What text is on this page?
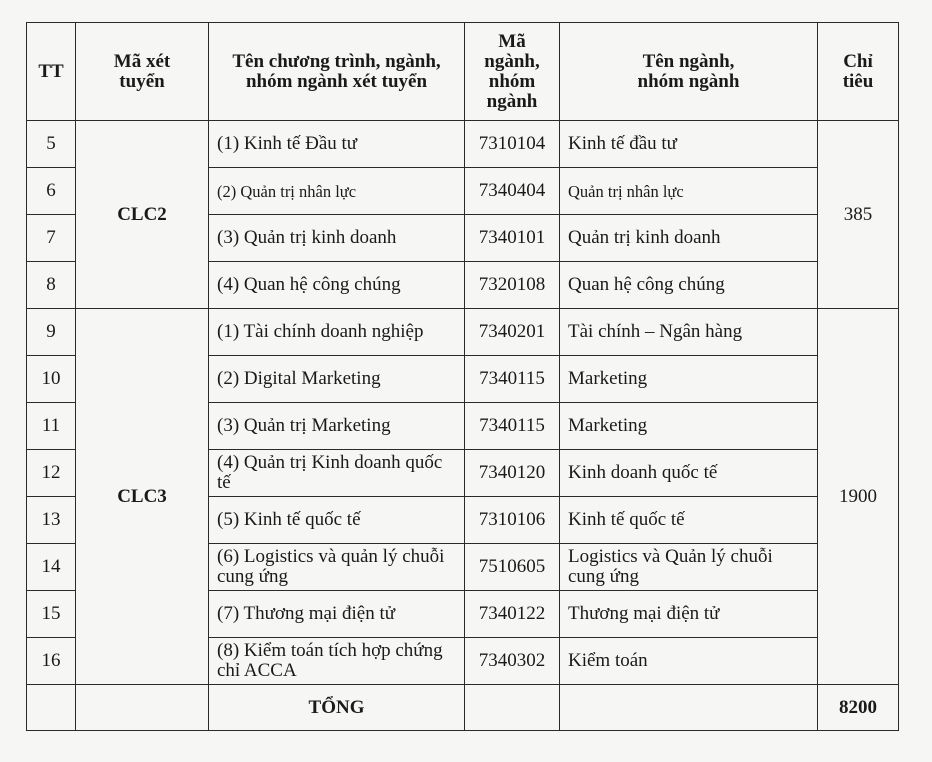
TT	Mã xét tuyển	Tên chương trình, ngành, nhóm ngành xét tuyển	Mã ngành, nhóm ngành	Tên ngành, nhóm ngành	Chỉ tiêu
5	CLC2	(1) Kinh tế Đầu tư	7310104	Kinh tế đầu tư	385
6		(2) Quản trị nhân lực	7340404	Quản trị nhân lực	
7		(3) Quản trị kinh doanh	7340101	Quản trị kinh doanh	
8		(4) Quan hệ công chúng	7320108	Quan hệ công chúng	
9	CLC3	(1) Tài chính doanh nghiệp	7340201	Tài chính – Ngân hàng	1900
10		(2) Digital Marketing	7340115	Marketing	
11		(3) Quản trị Marketing	7340115	Marketing	
12		(4) Quản trị Kinh doanh quốc tế	7340120	Kinh doanh quốc tế	
13		(5) Kinh tế quốc tế	7310106	Kinh tế quốc tế	
14		(6) Logistics và quản lý chuỗi cung ứng	7510605	Logistics và Quản lý chuỗi cung ứng	
15		(7) Thương mại điện tử	7340122	Thương mại điện tử	
16		(8) Kiểm toán tích hợp chứng chỉ ACCA	7340302	Kiểm toán	
		TỔNG			8200
